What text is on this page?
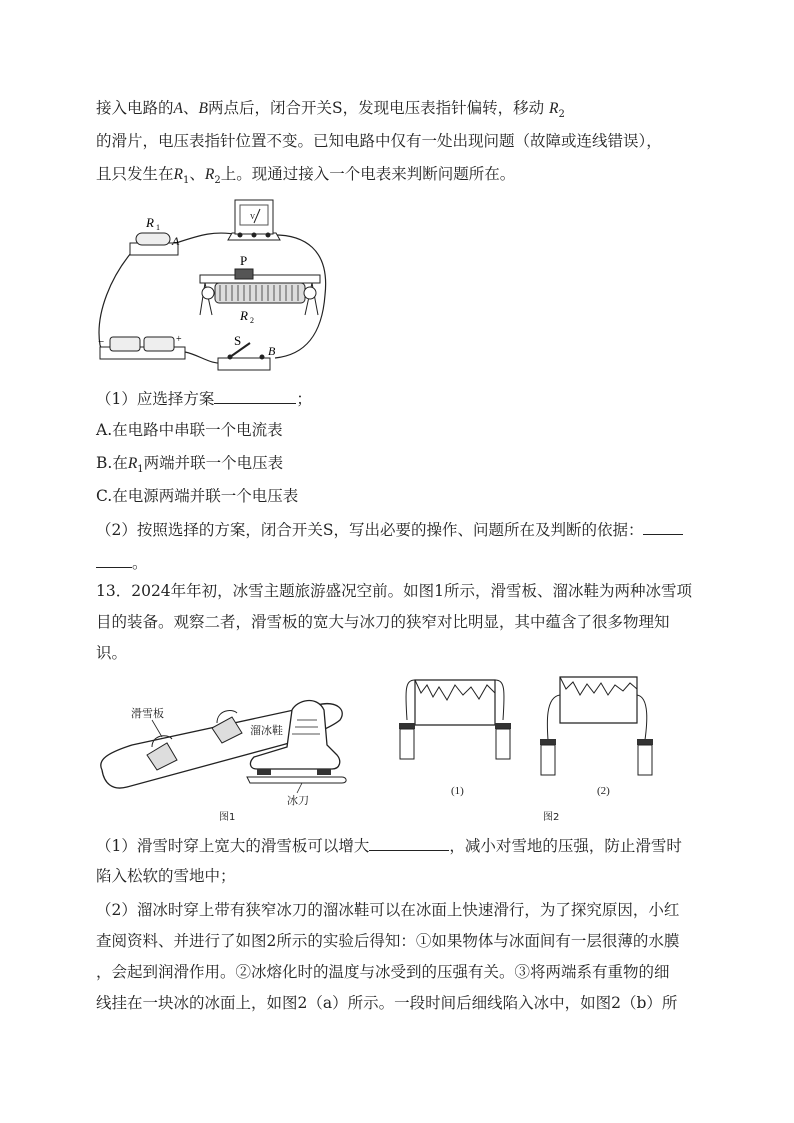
接入电路的A、B两点后，闭合开关S，发现电压表指针偏转，移动 $R_2$
的滑片，电压表指针位置不变。已知电路中仅有一处出现问题（故障或连线错误），
且只发生在$R_1$、$R_2$上。现通过接入一个电表来判断问题所在。
R 1
A
V
P
R 2
−	+	S
B
（1）应选择方案	；
A.在电路中串联一个电流表
B.在$R_1$两端并联一个电压表
C.在电源两端并联一个电压表
（2）按照选择的方案，闭合开关S，写出必要的操作、问题所在及判断的依据：
。
13．2024年年初，冰雪主题旅游盛况空前。如图1所示，滑雪板、溜冰鞋为两种冰雪项
目的装备。观察二者，滑雪板的宽大与冰刀的狭窄对比明显，其中蕴含了很多物理知
识。
滑雪板
溜冰鞋
冰刀
图1
(1)	(2)
图2
（1）滑雪时穿上宽大的滑雪板可以增大	，减小对雪地的压强，防止滑雪时
陷入松软的雪地中；
（2）溜冰时穿上带有狭窄冰刀的溜冰鞋可以在冰面上快速滑行，为了探究原因，小红
查阅资料、并进行了如图2所示的实验后得知：①如果物体与冰面间有一层很薄的水膜
，会起到润滑作用。②冰熔化时的温度与冰受到的压强有关。③将两端系有重物的细
线挂在一块冰的冰面上，如图2（a）所示。一段时间后细线陷入冰中，如图2（b）所
